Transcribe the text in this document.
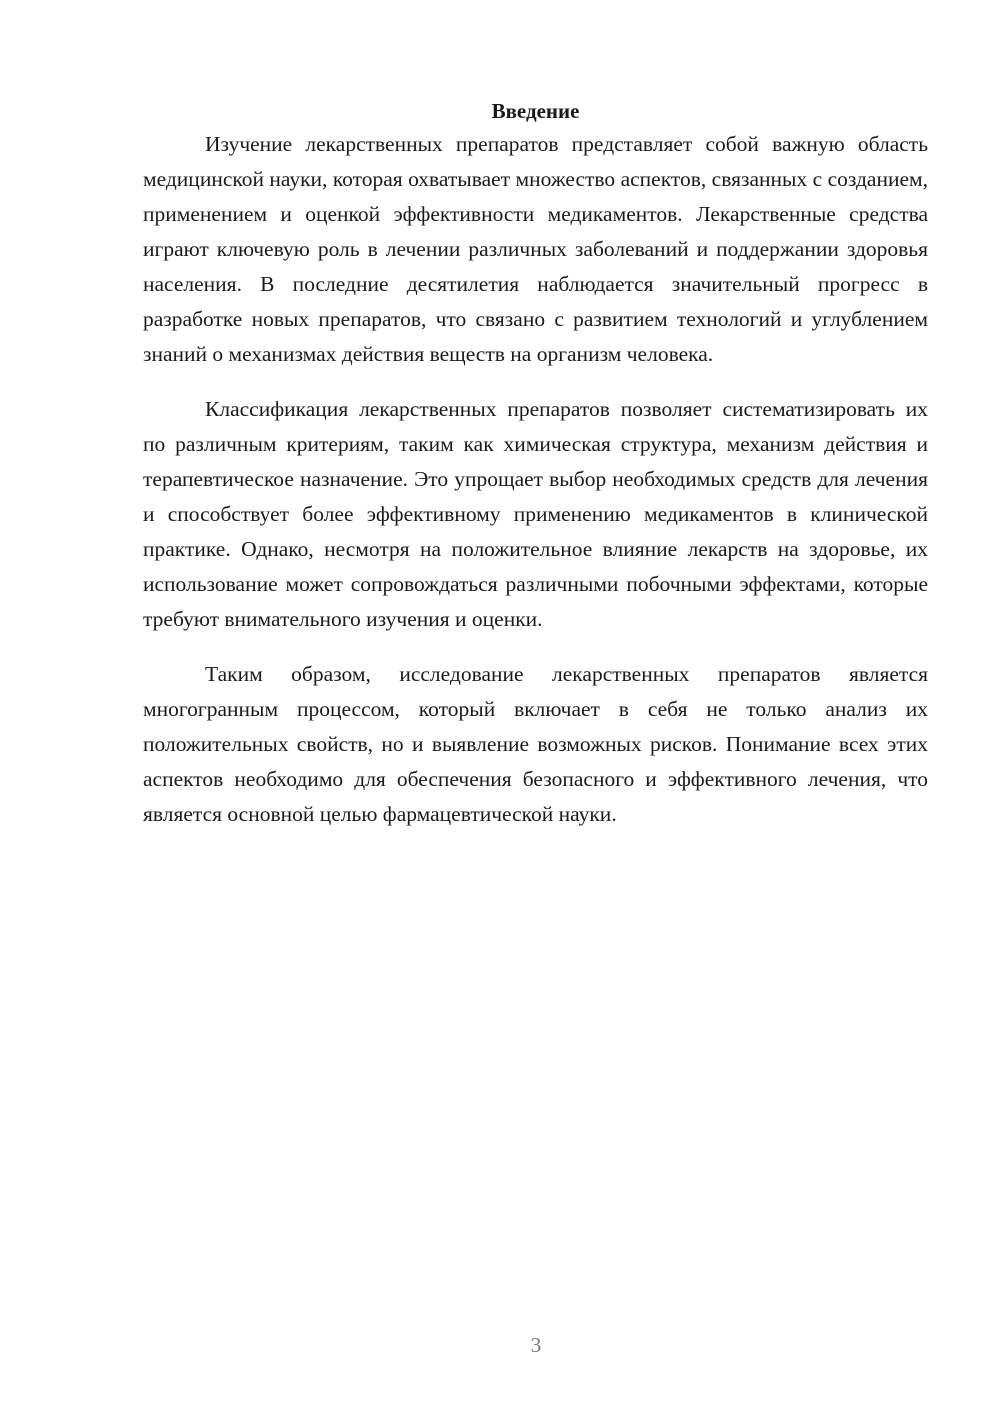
Введение

Изучение лекарственных препаратов представляет собой важную область медицинской науки, которая охватывает множество аспектов, связанных с созданием, применением и оценкой эффективности медикаментов. Лекарственные средства играют ключевую роль в лечении различных заболеваний и поддержании здоровья населения. В последние десятилетия наблюдается значительный прогресс в разработке новых препаратов, что связано с развитием технологий и углублением знаний о механизмах действия веществ на организм человека.

Классификация лекарственных препаратов позволяет систематизировать их по различным критериям, таким как химическая структура, механизм действия и терапевтическое назначение. Это упрощает выбор необходимых средств для лечения и способствует более эффективному применению медикаментов в клинической практике. Однако, несмотря на положительное влияние лекарств на здоровье, их использование может сопровождаться различными побочными эффектами, которые требуют внимательного изучения и оценки.

Таким образом, исследование лекарственных препаратов является многогранным процессом, который включает в себя не только анализ их положительных свойств, но и выявление возможных рисков. Понимание всех этих аспектов необходимо для обеспечения безопасного и эффективного лечения, что является основной целью фармацевтической науки.

3
